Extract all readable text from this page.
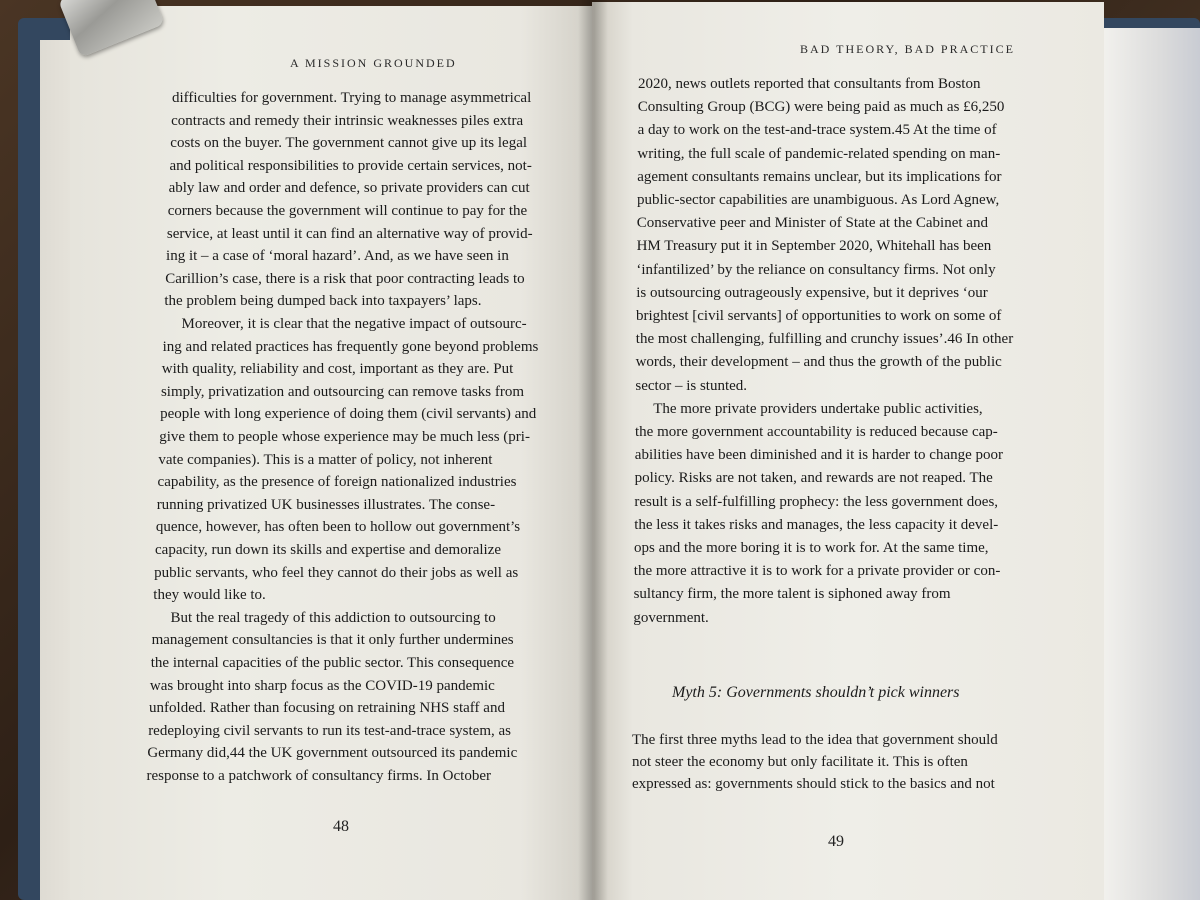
A MISSION GROUNDED
BAD THEORY, BAD PRACTICE
difficulties for government. Trying to manage asymmetrical
contracts and remedy their intrinsic weaknesses piles extra
costs on the buyer. The government cannot give up its legal
and political responsibilities to provide certain services, not-
ably law and order and defence, so private providers can cut
corners because the government will continue to pay for the
service, at least until it can find an alternative way of provid-
ing it – a case of ‘moral hazard’. And, as we have seen in
Carillion’s case, there is a risk that poor contracting leads to
the problem being dumped back into taxpayers’ laps.
Moreover, it is clear that the negative impact of outsourc-
ing and related practices has frequently gone beyond problems
with quality, reliability and cost, important as they are. Put
simply, privatization and outsourcing can remove tasks from
people with long experience of doing them (civil servants) and
give them to people whose experience may be much less (pri-
vate companies). This is a matter of policy, not inherent
capability, as the presence of foreign nationalized industries
running privatized UK businesses illustrates. The conse-
quence, however, has often been to hollow out government’s
capacity, run down its skills and expertise and demoralize
public servants, who feel they cannot do their jobs as well as
they would like to.
But the real tragedy of this addiction to outsourcing to
management consultancies is that it only further undermines
the internal capacities of the public sector. This consequence
was brought into sharp focus as the COVID-19 pandemic
unfolded. Rather than focusing on retraining NHS staff and
redeploying civil servants to run its test-and-trace system, as
Germany did,44 the UK government outsourced its pandemic
response to a patchwork of consultancy firms. In October
2020, news outlets reported that consultants from Boston
Consulting Group (BCG) were being paid as much as £6,250
a day to work on the test-and-trace system.45 At the time of
writing, the full scale of pandemic-related spending on man-
agement consultants remains unclear, but its implications for
public-sector capabilities are unambiguous. As Lord Agnew,
Conservative peer and Minister of State at the Cabinet and
HM Treasury put it in September 2020, Whitehall has been
‘infantilized’ by the reliance on consultancy firms. Not only
is outsourcing outrageously expensive, but it deprives ‘our
brightest [civil servants] of opportunities to work on some of
the most challenging, fulfilling and crunchy issues’.46 In other
words, their development – and thus the growth of the public
sector – is stunted.
The more private providers undertake public activities,
the more government accountability is reduced because cap-
abilities have been diminished and it is harder to change poor
policy. Risks are not taken, and rewards are not reaped. The
result is a self-fulfilling prophecy: the less government does,
the less it takes risks and manages, the less capacity it devel-
ops and the more boring it is to work for. At the same time,
the more attractive it is to work for a private provider or con-
sultancy firm, the more talent is siphoned away from
government.
The first three myths lead to the idea that government should
not steer the economy but only facilitate it. This is often
expressed as: governments should stick to the basics and not
Myth 5: Governments shouldn’t pick winners
48
49
